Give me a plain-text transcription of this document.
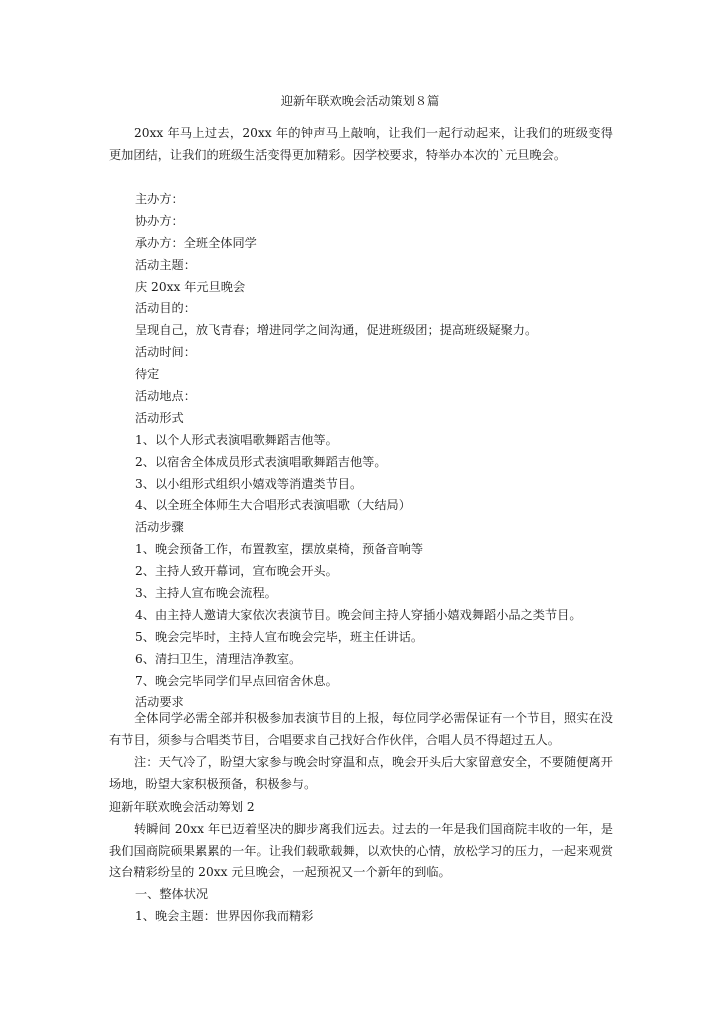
迎新年联欢晚会活动策划８篇
20xx 年马上过去，20xx 年的钟声马上敲响，让我们一起行动起来，让我们的班级变得更加团结，让我们的班级生活变得更加精彩。因学校要求，特举办本次的`元旦晚会。
主办方：
协办方：
承办方：全班全体同学
活动主题：
庆 20xx 年元旦晚会
活动目的：
呈现自己，放飞青春；增进同学之间沟通，促进班级团；提高班级疑聚力。
活动时间：
待定
活动地点：
活动形式
1、以个人形式表演唱歌舞蹈吉他等。
2、以宿舍全体成员形式表演唱歌舞蹈吉他等。
3、以小组形式组织小嬉戏等消遣类节目。
4、以全班全体师生大合唱形式表演唱歌（大结局）
活动步骤
1、晚会预备工作，布置教室，摆放桌椅，预备音响等
2、主持人致开幕词，宣布晚会开头。
3、主持人宣布晚会流程。
4、由主持人邀请大家依次表演节目。晚会间主持人穿插小嬉戏舞蹈小品之类节目。
5、晚会完毕时，主持人宣布晚会完毕，班主任讲话。
6、清扫卫生，清理洁净教室。
7、晚会完毕同学们早点回宿舍休息。
活动要求
全体同学必需全部并积极参加表演节目的上报，每位同学必需保证有一个节目，照实在没有节目，须参与合唱类节目，合唱要求自己找好合作伙伴，合唱人员不得超过五人。
注：天气冷了，盼望大家参与晚会时穿温和点，晚会开头后大家留意安全，不要随便离开场地，盼望大家积极预备，积极参与。
迎新年联欢晚会活动筹划 2
转瞬间 20xx 年已迈着坚决的脚步离我们远去。过去的一年是我们国商院丰收的一年，是我们国商院硕果累累的一年。让我们载歌载舞，以欢快的心情，放松学习的压力，一起来观赏这台精彩纷呈的 20xx 元旦晚会，一起预祝又一个新年的到临。
一、整体状况
1、晚会主题：世界因你我而精彩
